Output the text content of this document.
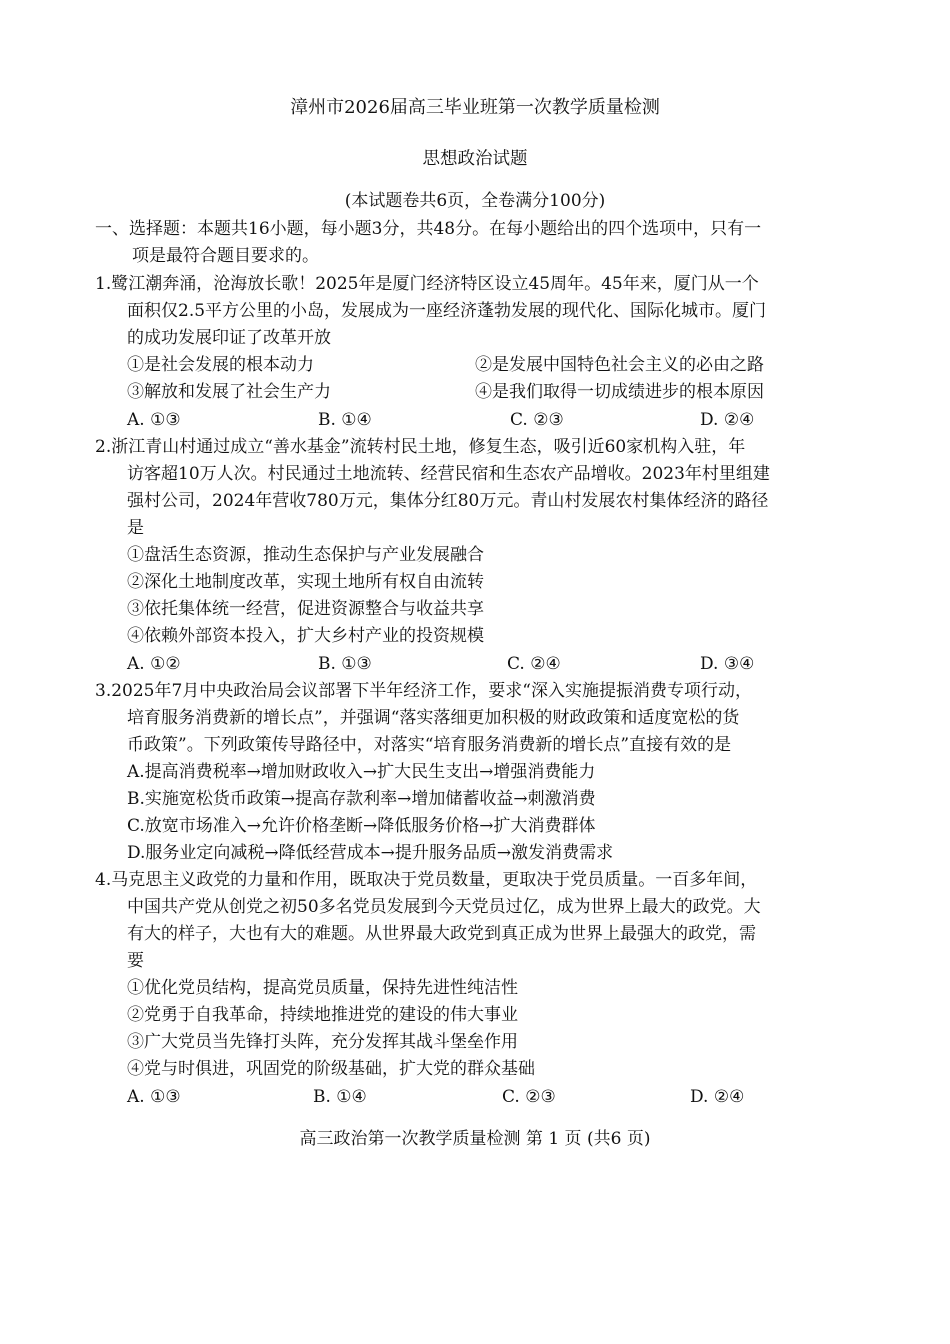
漳州市2026届高三毕业班第一次教学质量检测
思想政治试题
(本试题卷共6页，全卷满分100分)
一、选择题：本题共16小题，每小题3分，共48分。在每小题给出的四个选项中，只有一
项是最符合题目要求的。
1.鹭江潮奔涌，沧海放长歌！2025年是厦门经济特区设立45周年。45年来，厦门从一个
面积仅2.5平方公里的小岛，发展成为一座经济蓬勃发展的现代化、国际化城市。厦门
的成功发展印证了改革开放
①是社会发展的根本动力	②是发展中国特色社会主义的必由之路
③解放和发展了社会生产力	④是我们取得一切成绩进步的根本原因
A. ①③	B. ①④	C. ②③	D. ②④
2.浙江青山村通过成立“善水基金”流转村民土地，修复生态，吸引近60家机构入驻，年
访客超10万人次。村民通过土地流转、经营民宿和生态农产品增收。2023年村里组建
强村公司，2024年营收780万元，集体分红80万元。青山村发展农村集体经济的路径
是
①盘活生态资源，推动生态保护与产业发展融合
②深化土地制度改革，实现土地所有权自由流转
③依托集体统一经营，促进资源整合与收益共享
④依赖外部资本投入，扩大乡村产业的投资规模
A. ①②	B. ①③	C. ②④	D. ③④
3.2025年7月中央政治局会议部署下半年经济工作，要求“深入实施提振消费专项行动，
培育服务消费新的增长点”，并强调“落实落细更加积极的财政政策和适度宽松的货
币政策”。下列政策传导路径中，对落实“培育服务消费新的增长点”直接有效的是
A.提高消费税率→增加财政收入→扩大民生支出→增强消费能力
B.实施宽松货币政策→提高存款利率→增加储蓄收益→刺激消费
C.放宽市场准入→允许价格垄断→降低服务价格→扩大消费群体
D.服务业定向减税→降低经营成本→提升服务品质→激发消费需求
4.马克思主义政党的力量和作用，既取决于党员数量，更取决于党员质量。一百多年间，
中国共产党从创党之初50多名党员发展到今天党员过亿，成为世界上最大的政党。大
有大的样子，大也有大的难题。从世界最大政党到真正成为世界上最强大的政党，需
要
①优化党员结构，提高党员质量，保持先进性纯洁性
②党勇于自我革命，持续地推进党的建设的伟大事业
③广大党员当先锋打头阵，充分发挥其战斗堡垒作用
④党与时俱进，巩固党的阶级基础，扩大党的群众基础
A. ①③	B. ①④	C. ②③	D. ②④
高三政治第一次教学质量检测 第 1 页 (共6 页)
